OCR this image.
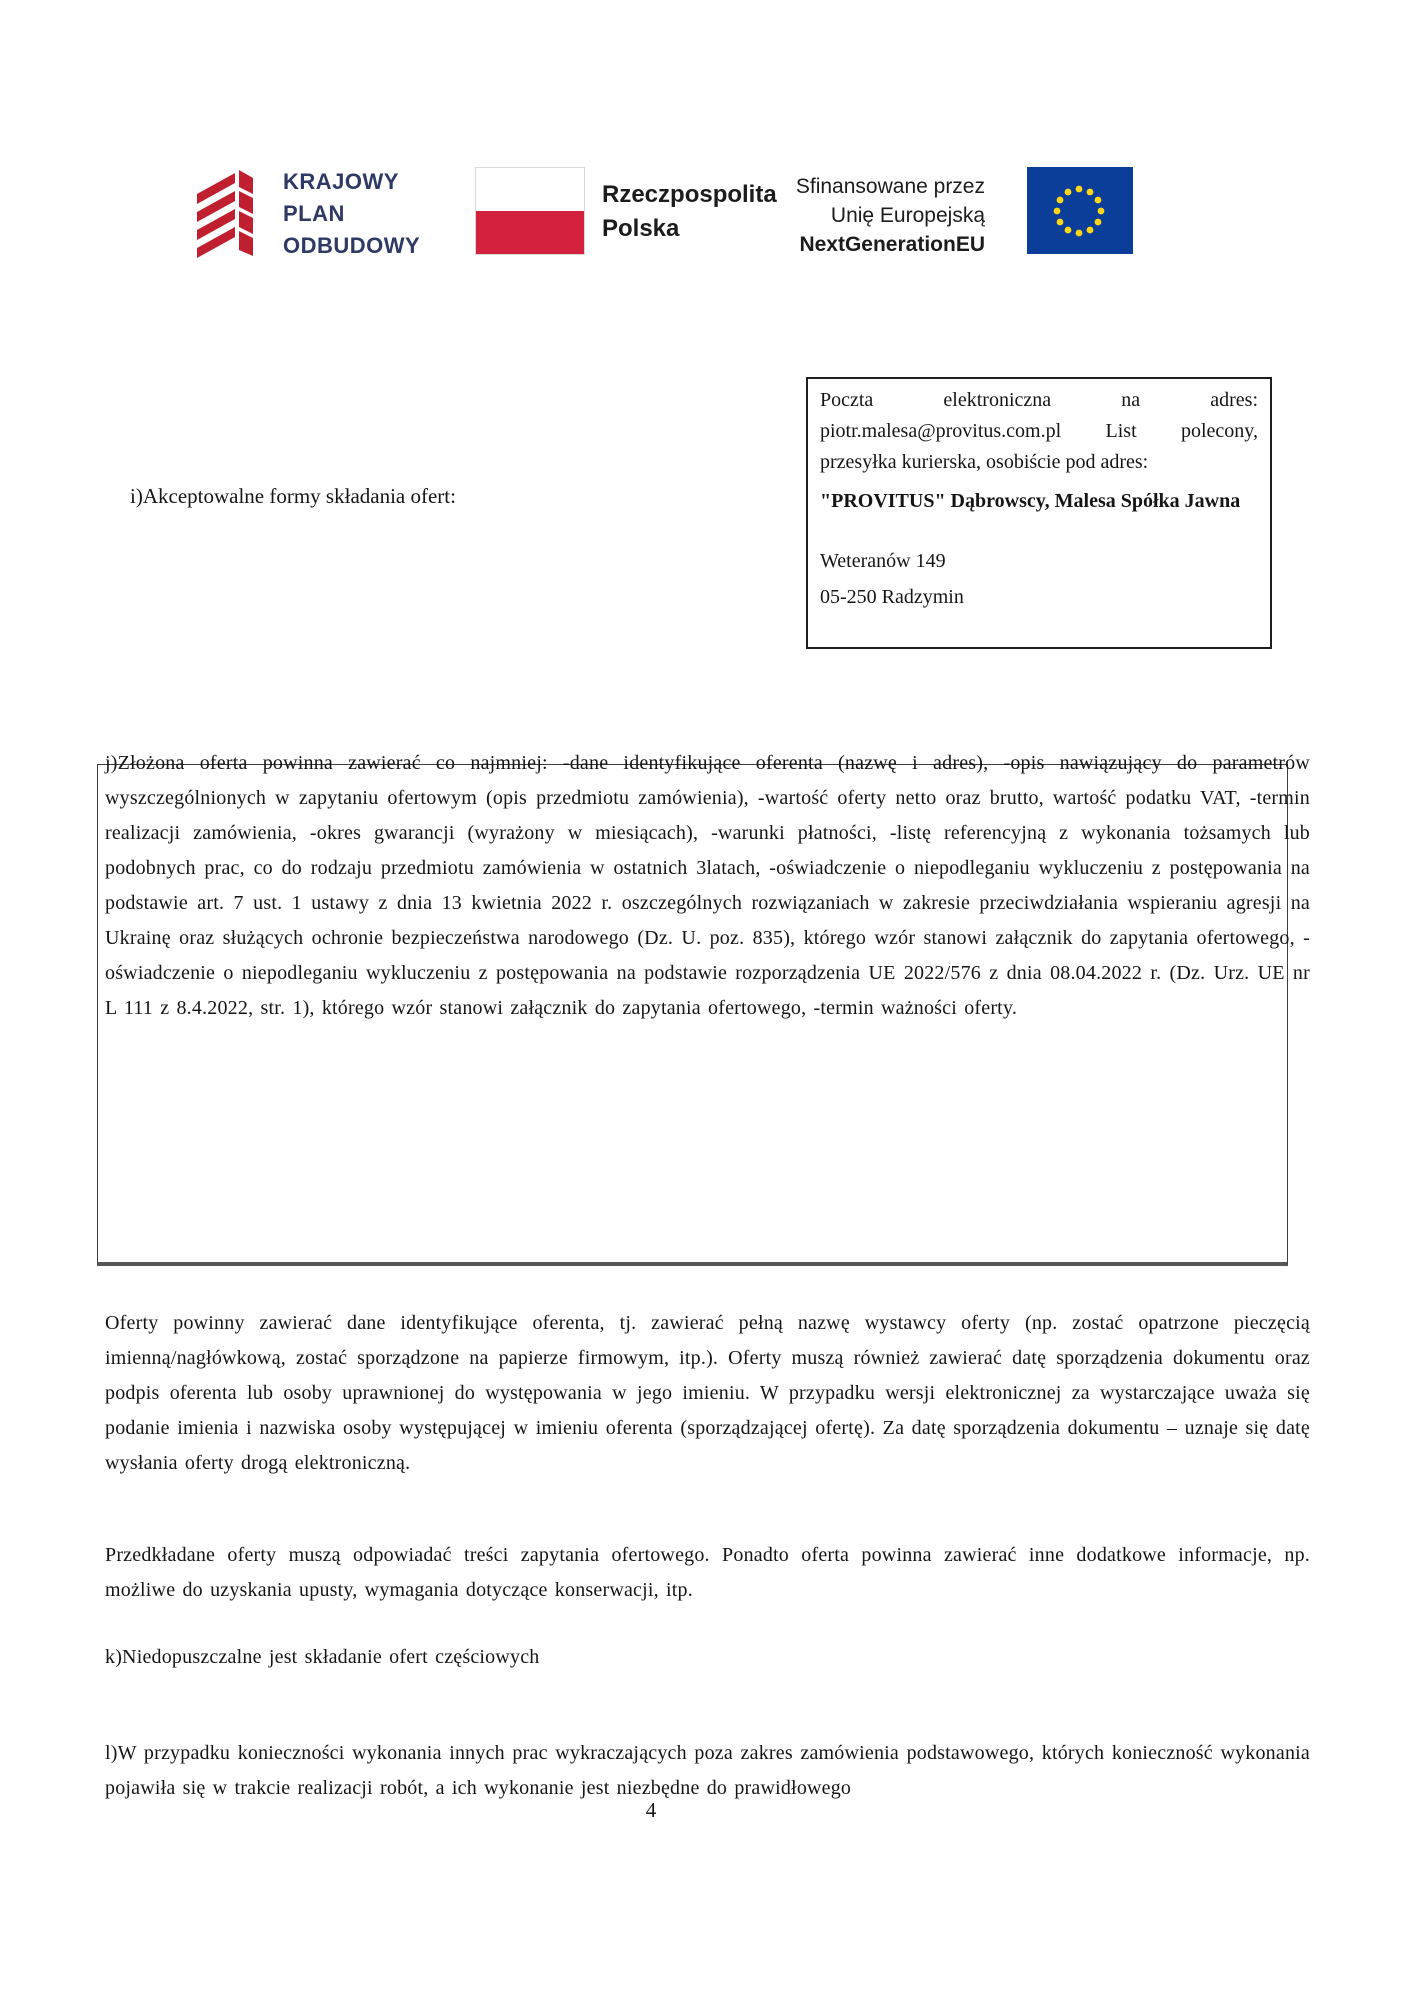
KRAJOWY
PLAN
ODBUDOWY
Rzeczpospolita
Polska
Sfinansowane przez
Unię Europejską
NextGenerationEU
i)Akceptowalne formy składania ofert:

Poczta elektroniczna na adres: piotr.malesa@provitus.com.pl List polecony, przesyłka kurierska, osobiście pod adres:

"PROVITUS" Dąbrowscy, Malesa Spółka Jawna

Weteranów 149

05-250 Radzymin

j)Złożona oferta powinna zawierać co najmniej: -dane identyfikujące oferenta (nazwę i adres), -opis nawiązujący do parametrów wyszczególnionych w zapytaniu ofertowym (opis przedmiotu zamówienia), -wartość oferty netto oraz brutto, wartość podatku VAT, -termin realizacji zamówienia, -okres gwarancji (wyrażony w miesiącach), -warunki płatności, -listę referencyjną z wykonania tożsamych lub podobnych prac, co do rodzaju przedmiotu zamówienia w ostatnich 3latach, -oświadczenie o niepodleganiu wykluczeniu z postępowania na podstawie art. 7 ust. 1 ustawy z dnia 13 kwietnia 2022 r. oszczególnych rozwiązaniach w zakresie przeciwdziałania wspieraniu agresji na Ukrainę oraz służących ochronie bezpieczeństwa narodowego (Dz. U. poz. 835), którego wzór stanowi załącznik do zapytania ofertowego, - oświadczenie o niepodleganiu wykluczeniu z postępowania na podstawie rozporządzenia UE 2022/576 z dnia 08.04.2022 r. (Dz. Urz. UE nr L 111 z 8.4.2022, str. 1), którego wzór stanowi załącznik do zapytania ofertowego, -termin ważności oferty.

Oferty powinny zawierać dane identyfikujące oferenta, tj. zawierać pełną nazwę wystawcy oferty (np. zostać opatrzone pieczęcią imienną/nagłówkową, zostać sporządzone na papierze firmowym, itp.). Oferty muszą również zawierać datę sporządzenia dokumentu oraz podpis oferenta lub osoby uprawnionej do występowania w jego imieniu. W przypadku wersji elektronicznej za wystarczające uważa się podanie imienia i nazwiska osoby występującej w imieniu oferenta (sporządzającej ofertę). Za datę sporządzenia dokumentu – uznaje się datę wysłania oferty drogą elektroniczną.

Przedkładane oferty muszą odpowiadać treści zapytania ofertowego. Ponadto oferta powinna zawierać inne dodatkowe informacje, np. możliwe do uzyskania upusty, wymagania dotyczące konserwacji, itp.

k)Niedopuszczalne jest składanie ofert częściowych

l)W przypadku konieczności wykonania innych prac wykraczających poza zakres zamówienia podstawowego, których konieczność wykonania pojawiła się w trakcie realizacji robót, a ich wykonanie jest niezbędne do prawidłowego

4
